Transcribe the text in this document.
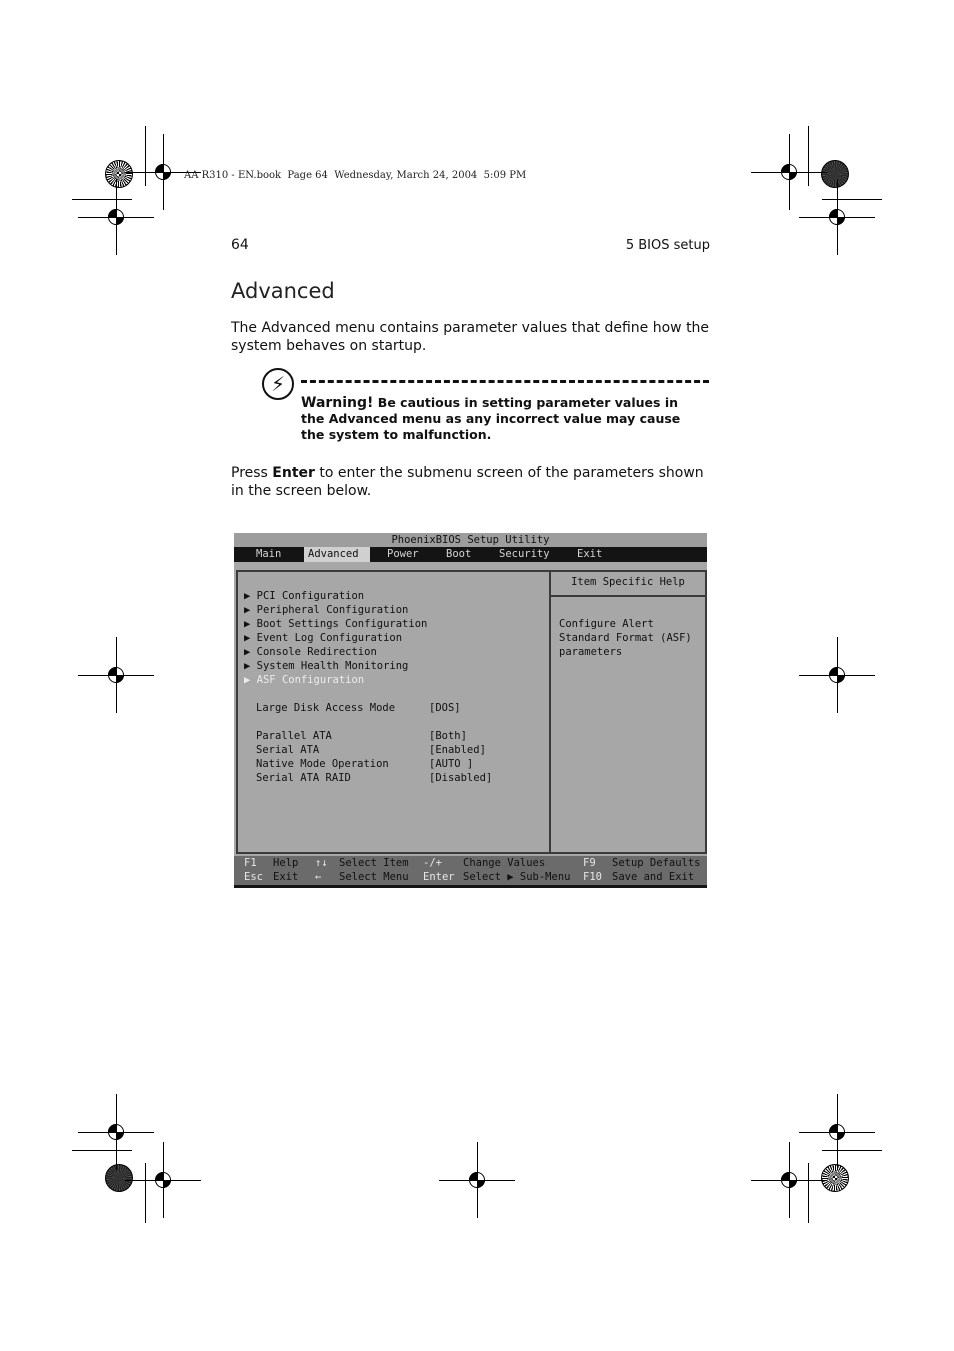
AA R310 - EN.book  Page 64  Wednesday, March 24, 2004  5:09 PM
64	5 BIOS setup
Advanced
The Advanced menu contains parameter values that define how the system behaves on startup.
⚡
Warning! Be cautious in setting parameter values in the Advanced menu as any incorrect value may cause the system to malfunction.
Press Enter to enter the submenu screen of the parameters shown in the screen below.
PhoenixBIOS Setup Utility
Main	Advanced	Power	Boot	Security	Exit
Item Specific Help
▶ PCI Configuration
▶ Peripheral Configuration
▶ Boot Settings Configuration
▶ Event Log Configuration
▶ Console Redirection
▶ System Health Monitoring
▶ ASF Configuration
Large Disk Access Mode	[DOS]
Parallel ATA	[Both]
Serial ATA	[Enabled]
Native Mode Operation	[AUTO ]
Serial ATA RAID	[Disabled]
Configure Alert
Standard Format (ASF)
parameters
F1 Help ↑↓ Select Item -/+ Change Values	F9 Setup Defaults
Esc Exit ← Select Menu Enter Select ▶ Sub-Menu F10 Save and Exit
